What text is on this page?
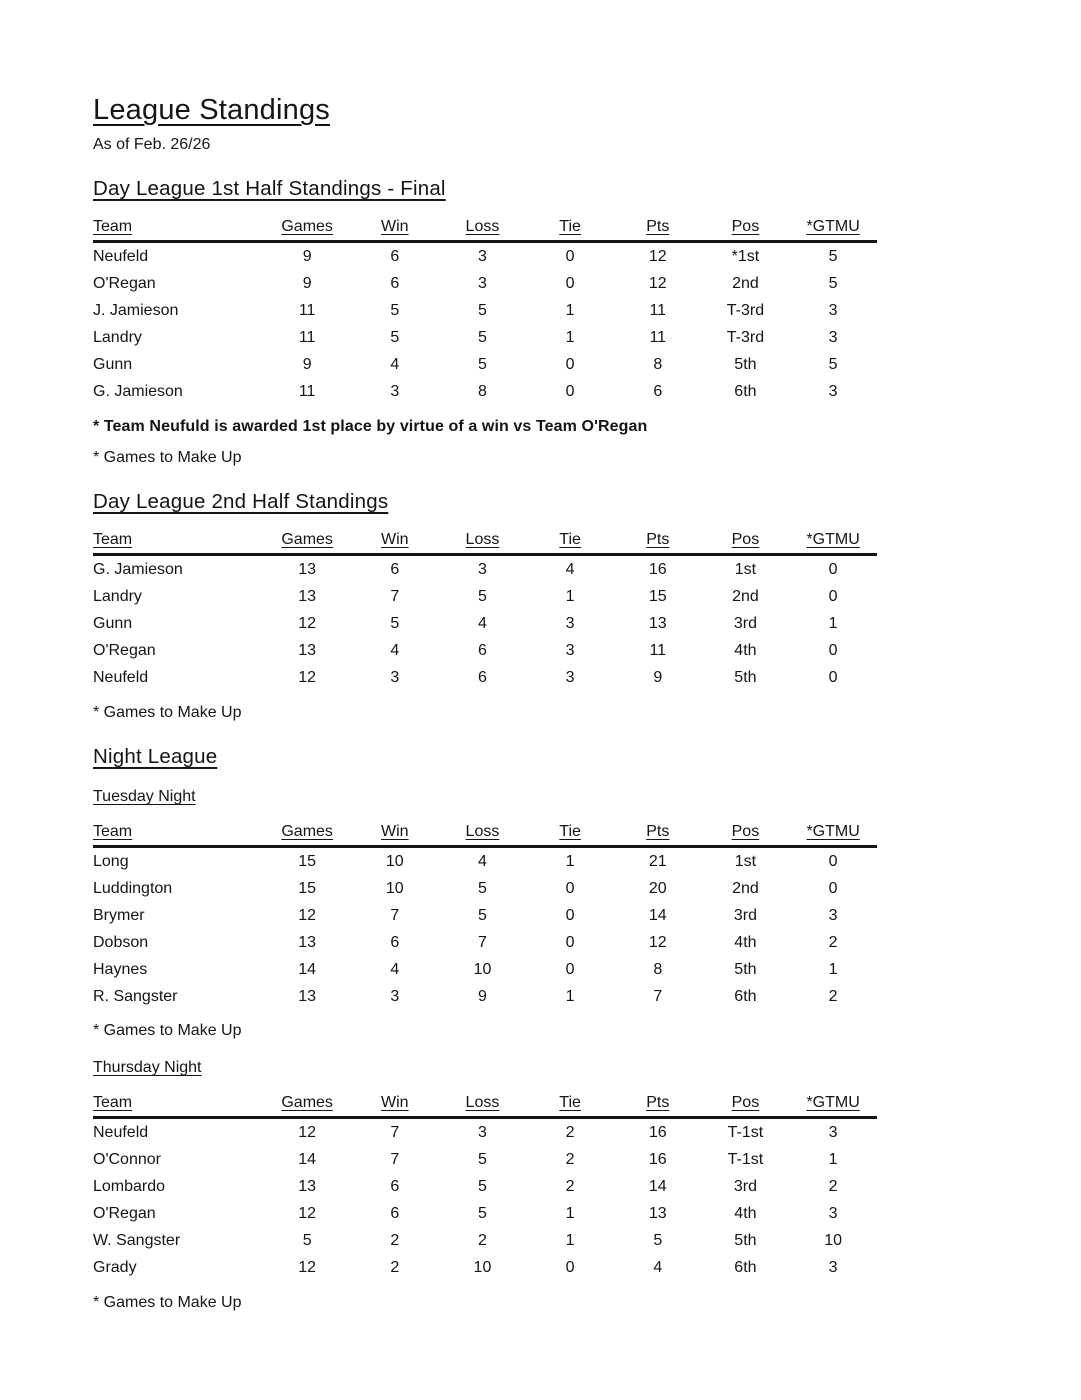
League Standings

As of Feb. 26/26

Day League 1st Half Standings - Final
Team	Games	Win	Loss	Tie	Pts	Pos	*GTMU
Neufeld	9	6	3	0	12	*1st	5
O'Regan	9	6	3	0	12	2nd	5
J. Jamieson	11	5	5	1	11	T-3rd	3
Landry	11	5	5	1	11	T-3rd	3
Gunn	9	4	5	0	8	5th	5
G. Jamieson	11	3	8	0	6	6th	3

* Team Neufuld is awarded 1st place by virtue of a win vs Team O'Regan

* Games to Make Up

Day League 2nd Half Standings
Team	Games	Win	Loss	Tie	Pts	Pos	*GTMU
G. Jamieson	13	6	3	4	16	1st	0
Landry	13	7	5	1	15	2nd	0
Gunn	12	5	4	3	13	3rd	1
O'Regan	13	4	6	3	11	4th	0
Neufeld	12	3	6	3	9	5th	0

* Games to Make Up

Night League
Tuesday Night
Team	Games	Win	Loss	Tie	Pts	Pos	*GTMU
Long	15	10	4	1	21	1st	0
Luddington	15	10	5	0	20	2nd	0
Brymer	12	7	5	0	14	3rd	3
Dobson	13	6	7	0	12	4th	2
Haynes	14	4	10	0	8	5th	1
R. Sangster	13	3	9	1	7	6th	2

* Games to Make Up

Thursday Night
Team	Games	Win	Loss	Tie	Pts	Pos	*GTMU
Neufeld	12	7	3	2	16	T-1st	3
O'Connor	14	7	5	2	16	T-1st	1
Lombardo	13	6	5	2	14	3rd	2
O'Regan	12	6	5	1	13	4th	3
W. Sangster	5	2	2	1	5	5th	10
Grady	12	2	10	0	4	6th	3

* Games to Make Up
